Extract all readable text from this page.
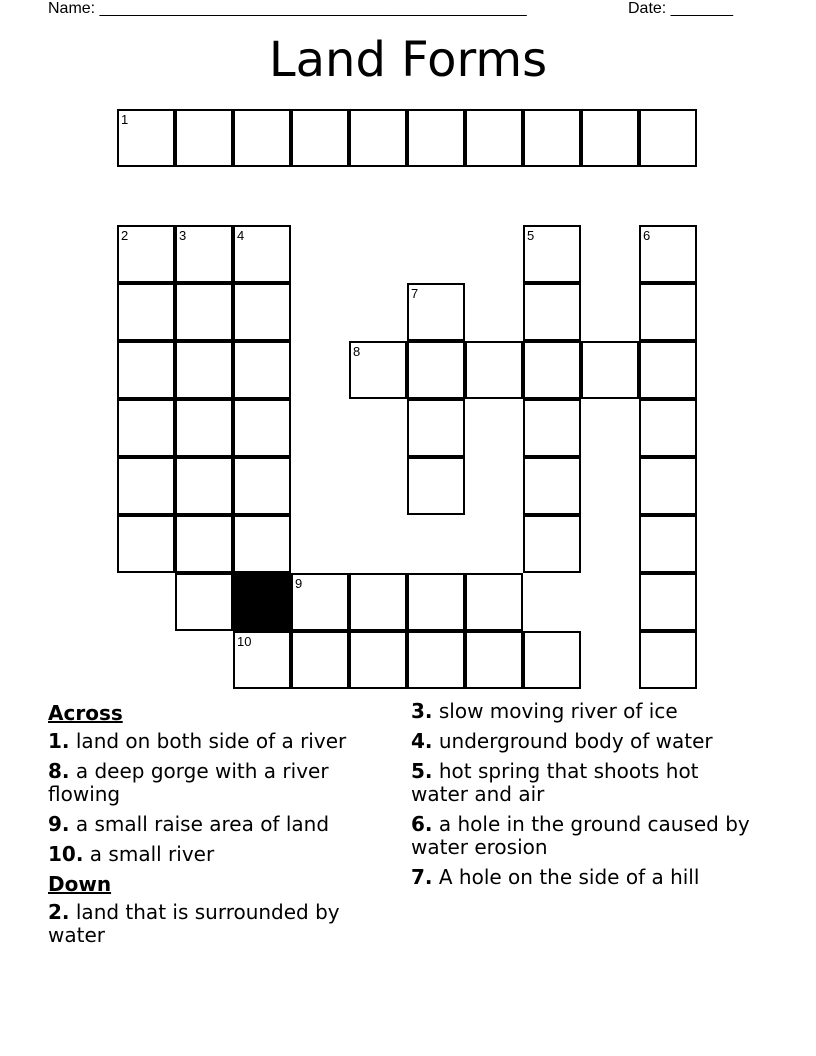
Name: ________________________________________________	Date: _______
Land Forms
1
2	3	4	5	6
7
8
9
10
Across
1. land on both side of a river
8. a deep gorge with a river flowing
9. a small raise area of land
10. a small river
Down
2. land that is surrounded by water
3. slow moving river of ice
4. underground body of water
5. hot spring that shoots hot water and air
6. a hole in the ground caused by water erosion
7. A hole on the side of a hill
